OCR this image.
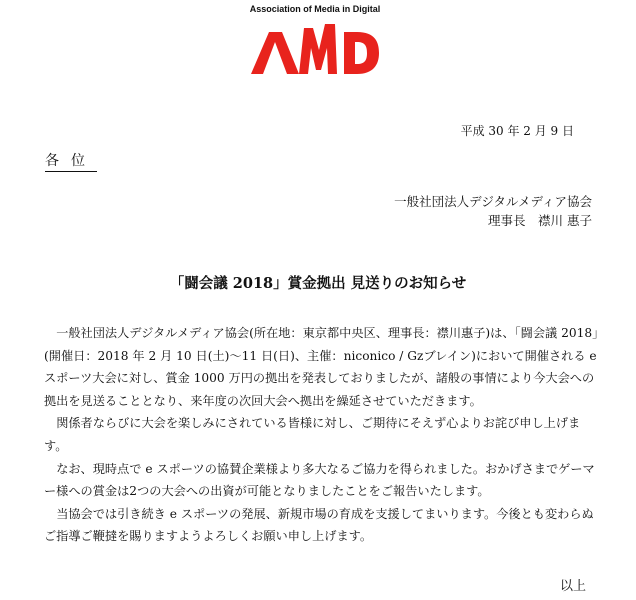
Association of Media in Digital
平成 30 年 2 月 9 日
各位
一般社団法人デジタルメディア協会
理事長　襟川 惠子
「闘会議 2018」賞金拠出 見送りのお知らせ

一般社団法人デジタルメディア協会(所在地：東京都中央区、理事長：襟川惠子)は、「闘会議 2018」(開催日：2018 年 2 月 10 日(土)～11 日(日)、主催：niconico / Gzブレイン)において開催される e スポーツ大会に対し、賞金 1000 万円の拠出を発表しておりましたが、諸般の事情により今大会への拠出を見送ることとなり、来年度の次回大会へ拠出を繰延させていただきます。

関係者ならびに大会を楽しみにされている皆様に対し、ご期待にそえず心よりお詫び申し上げます。

なお、現時点で e スポーツの協賛企業様より多大なるご協力を得られました。おかげさまでゲーマー様への賞金は2つの大会への出資が可能となりましたことをご報告いたします。

当協会では引き続き e スポーツの発展、新規市場の育成を支援してまいります。今後とも変わらぬご指導ご鞭撻を賜りますようよろしくお願い申し上げます。

以上
